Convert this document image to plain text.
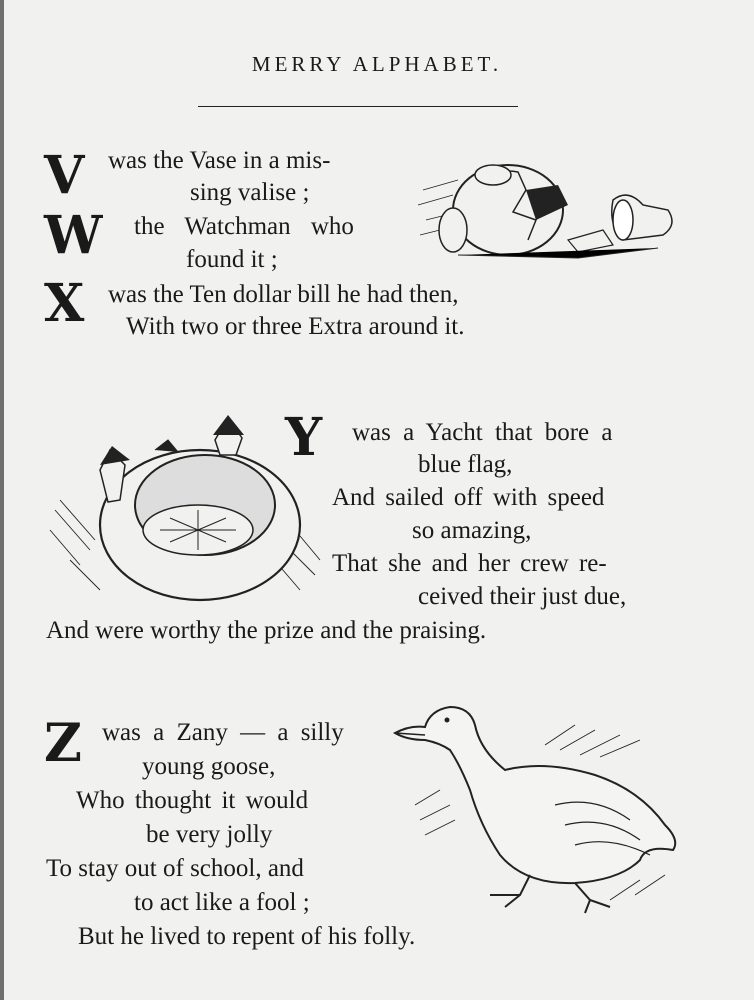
MERRY ALPHABET.
V was the Vase in a mis-
sing valise ;
W the Watchman who
found it ;
X was the Ten dollar bill he had then,
With two or three Extra around it.
Y was a Yacht that bore a
blue flag,
And sailed off with speed
so amazing,
That she and her crew re-
ceived their just due,
And were worthy the prize and the praising.
Z was a Zany — a silly
young goose,
Who thought it would
be very jolly
To stay out of school, and
to act like a fool ;
But he lived to repent of his folly.
